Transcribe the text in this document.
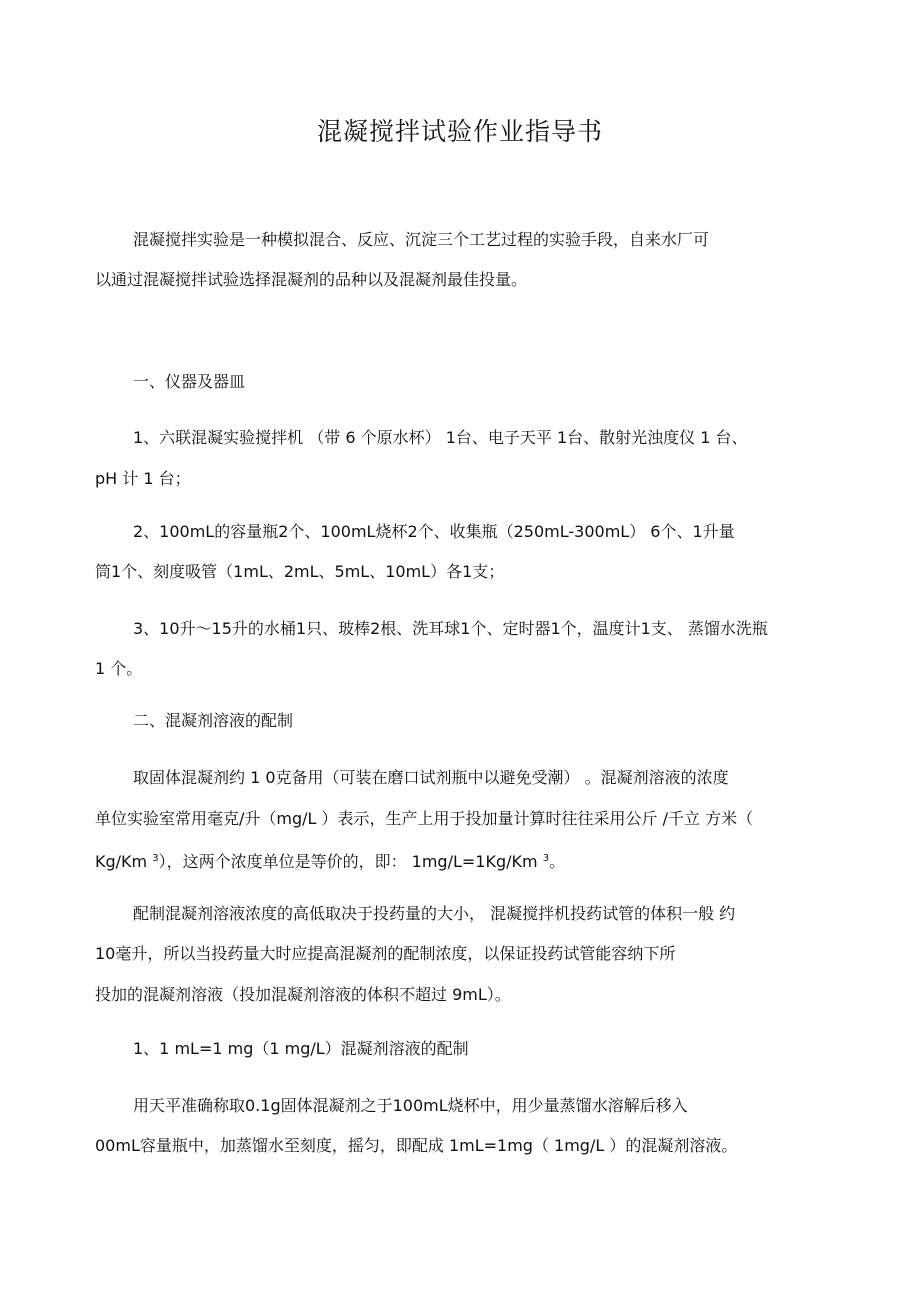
混凝搅拌试验作业指导书
混凝搅拌实验是一种模拟混合、反应、沉淀三个工艺过程的实验手段，自来水厂可
以通过混凝搅拌试验选择混凝剂的品种以及混凝剂最佳投量。
一、仪器及器皿
1、六联混凝实验搅拌机 （带 6 个原水杯） 1台、电子天平 1台、散射光浊度仪 1 台、
pH 计 1 台；
2、100mL的容量瓶2个、100mL烧杯2个、收集瓶（250mL-300mL） 6个、1升量
筒1个、刻度吸管（1mL、2mL、5mL、10mL）各1支；
3、10升～15升的水桶1只、玻棒2根、洗耳球1个、定时器1个，温度计1支、 蒸馏水洗瓶
1 个。
二、混凝剂溶液的配制
取固体混凝剂约 1 0克备用（可装在磨口试剂瓶中以避免受潮） 。混凝剂溶液的浓度
单位实验室常用毫克/升（mg/L ）表示，生产上用于投加量计算时往往采用公斤 /千立 方米（
Kg/Km $^3$），这两个浓度单位是等价的，即： 1mg/L=1Kg/Km $^3$。
配制混凝剂溶液浓度的高低取决于投药量的大小， 混凝搅拌机投药试管的体积一般 约
10毫升，所以当投药量大时应提高混凝剂的配制浓度，以保证投药试管能容纳下所
投加的混凝剂溶液（投加混凝剂溶液的体积不超过 9mL）。
1、1 mL=1 mg（1 mg/L）混凝剂溶液的配制
用天平准确称取0.1g固体混凝剂之于100mL烧杯中，用少量蒸馏水溶解后移入
00mL容量瓶中，加蒸馏水至刻度，摇匀，即配成 1mL=1mg（ 1mg/L ）的混凝剂溶液。
